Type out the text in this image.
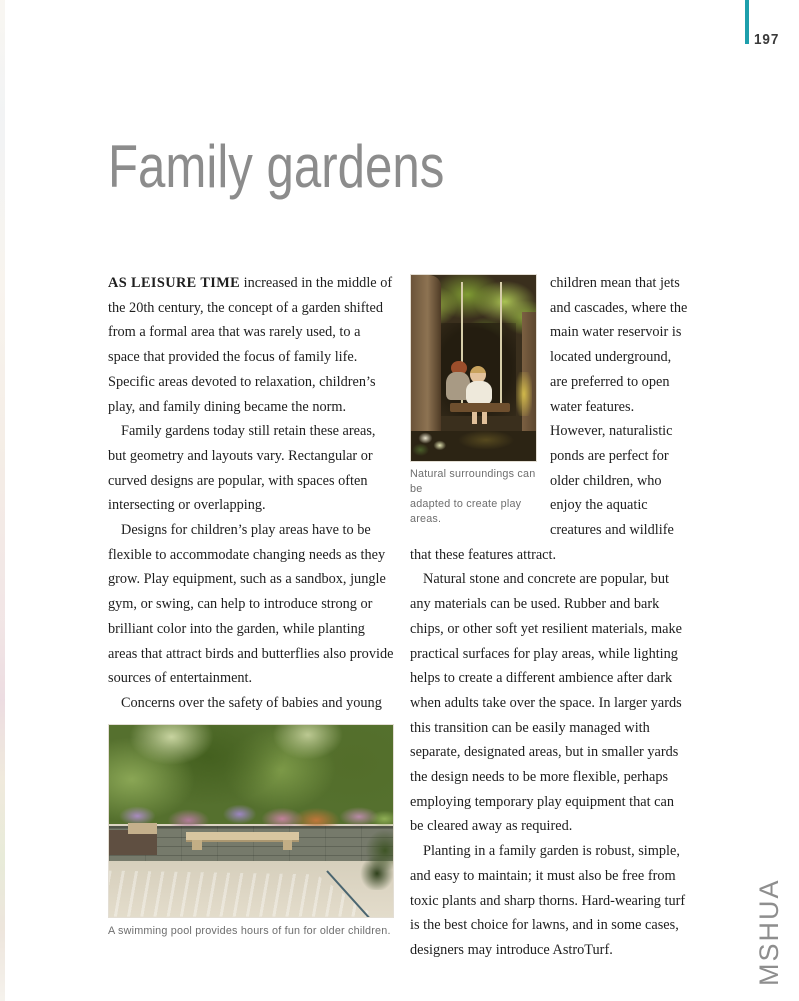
197
Family gardens

AS LEISURE TIME increased in the middle of the 20th century, the concept of a garden shifted from a formal area that was rarely used, to a space that provided the focus of family life. Specific areas devoted to relaxation, children’s play, and family dining became the norm.

Family gardens today still retain these areas, but geometry and layouts vary. Rectangular or curved designs are popular, with spaces often intersecting or overlapping.

Designs for children’s play areas have to be flexible to accommodate changing needs as they grow. Play equipment, such as a sandbox, jungle gym, or swing, can help to introduce strong or brilliant color into the garden, while planting areas that attract birds and butterflies also provide sources of entertainment.

Concerns over the safety of babies and young

A swimming pool provides hours of fun for older children.
Natural surroundings can be
adapted to create play areas.

children mean that jets and cascades, where the main water reservoir is located underground, are preferred to open water features. However, naturalistic ponds are perfect for older children, who enjoy the aquatic creatures and wildlife that these features attract.

Natural stone and concrete are popular, but any materials can be used. Rubber and bark chips, or other soft yet resilient materials, make practical surfaces for play areas, while lighting helps to create a different ambience after dark when adults take over the space. In larger yards this transition can be easily managed with separate, designated areas, but in smaller yards the design needs to be more flexible, perhaps employing temporary play equipment that can be cleared away as required.

Planting in a family garden is robust, simple, and easy to maintain; it must also be free from toxic plants and sharp thorns. Hard-wearing turf is the best choice for lawns, and in some cases, designers may introduce AstroTurf.	MSHUA
